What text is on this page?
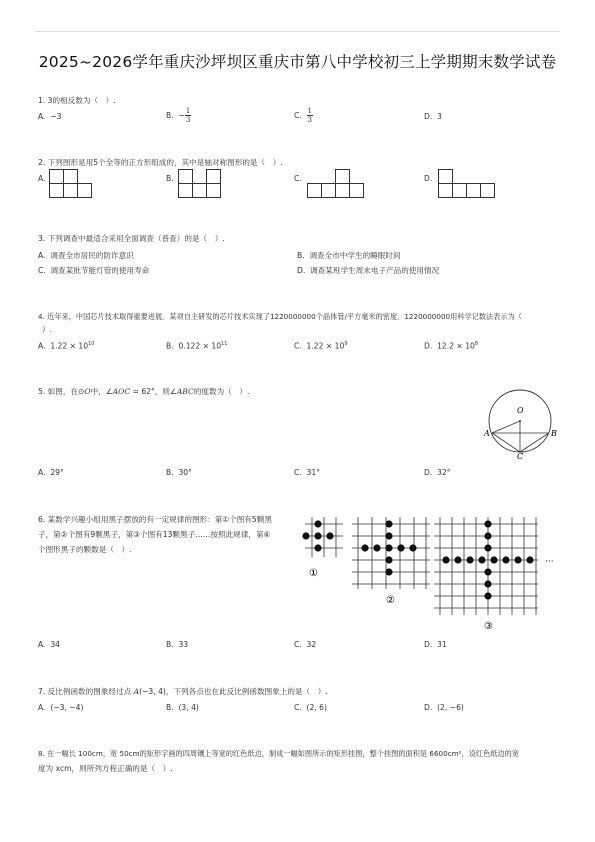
2025~2026学年重庆沙坪坝区重庆市第八中学校初三上学期期末数学试卷
1. 3的相反数为（　）.
A. −3	B. − $\frac{1}{3}$	C. $\frac{1}{3}$	D. 3
2. 下列图形是用5个全等的正方形组成的，其中是轴对称图形的是（　）.
A.	B.	C.	D.
3. 下列调查中最适合采用全面调查（普查）的是（　）.
A. 调查全市居民的防诈意识	B. 调查全市中学生的睡眠时间
C. 调查某批节能灯管的使用寿命	D. 调查某班学生周末电子产品的使用情况
4. 近年来，中国芯片技术取得重要进展．某项自主研发的芯片技术实现了1220000000个晶体管/平方毫米的密度．1220000000用科学记数法表示为（
）.
A. $1.22 \times 10^{10}$	B. $0.122 \times 10^{11}$	C. $1.22 \times 10^9$	D. $12.2 \times 10^8$
5. 如图，在⊙O中，∠AOC = 62°，则∠ABC的度数为（　）.
O
A	B
C
A. 29°	B. 30°	C. 31°	D. 32°
6. 某数学兴趣小组用黑子摆放的有一定规律的图形：第①个图有5颗黑
子，第②个图有9颗黑子，第③个图有13颗黑子……按照此规律，第⑥
个图形黑子的颗数是（　）.
①
②
③
···
A. 34	B. 33	C. 32	D. 31
7. 反比例函数的图象经过点 A(−3, 4)，下列各点也在此反比例函数图象上的是（　）.
A. (−3, −4)	B. (3, 4)	C. (2, 6)	D. (2, −6)
8. 在一幅长 100cm，宽 50cm的矩形字画的四周镶上等宽的红色纸边，制成一幅如图所示的矩形挂图，整个挂图的面积是 6600cm²，设红色纸边的宽
度为 xcm，则所列方程正确的是（　）.
